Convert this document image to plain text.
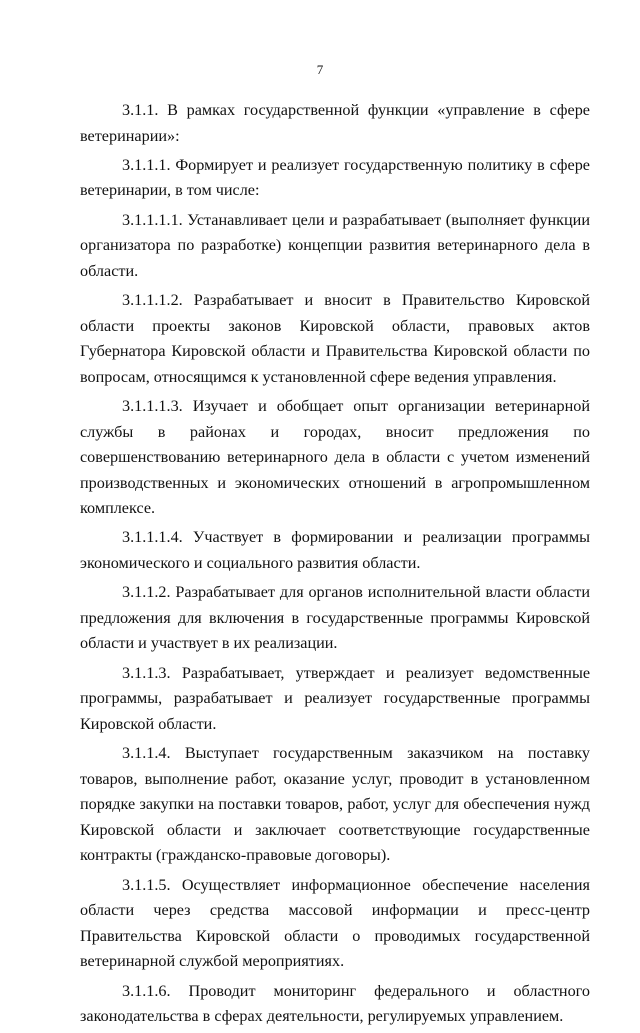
7

3.1.1. В рамках государственной функции «управление в сфере ветеринарии»:

3.1.1.1. Формирует и реализует государственную политику в сфере ветеринарии, в том числе:

3.1.1.1.1. Устанавливает цели и разрабатывает (выполняет функции организатора по разработке) концепции развития ветеринарного дела в области.

3.1.1.1.2. Разрабатывает и вносит в Правительство Кировской области проекты законов Кировской области, правовых актов Губернатора Кировской области и Правительства Кировской области по вопросам, относящимся к установленной сфере ведения управления.

3.1.1.1.3. Изучает и обобщает опыт организации ветеринарной службы в районах и городах, вносит предложения по совершенствованию ветеринарного дела в области с учетом изменений производственных и экономических отношений в агропромышленном комплексе.

3.1.1.1.4. Участвует в формировании и реализации программы экономического и социального развития области.

3.1.1.2. Разрабатывает для органов исполнительной власти области предложения для включения в государственные программы Кировской области и участвует в их реализации.

3.1.1.3. Разрабатывает, утверждает и реализует ведомственные программы, разрабатывает и реализует государственные программы Кировской области.

3.1.1.4. Выступает государственным заказчиком на поставку товаров, выполнение работ, оказание услуг, проводит в установленном порядке закупки на поставки товаров, работ, услуг для обеспечения нужд Кировской области и заключает соответствующие государственные контракты (гражданско-правовые договоры).

3.1.1.5. Осуществляет информационное обеспечение населения области через средства массовой информации и пресс-центр Правительства Кировской области о проводимых государственной ветеринарной службой мероприятиях.

3.1.1.6. Проводит мониторинг федерального и областного законодательства в сферах деятельности, регулируемых управлением.
